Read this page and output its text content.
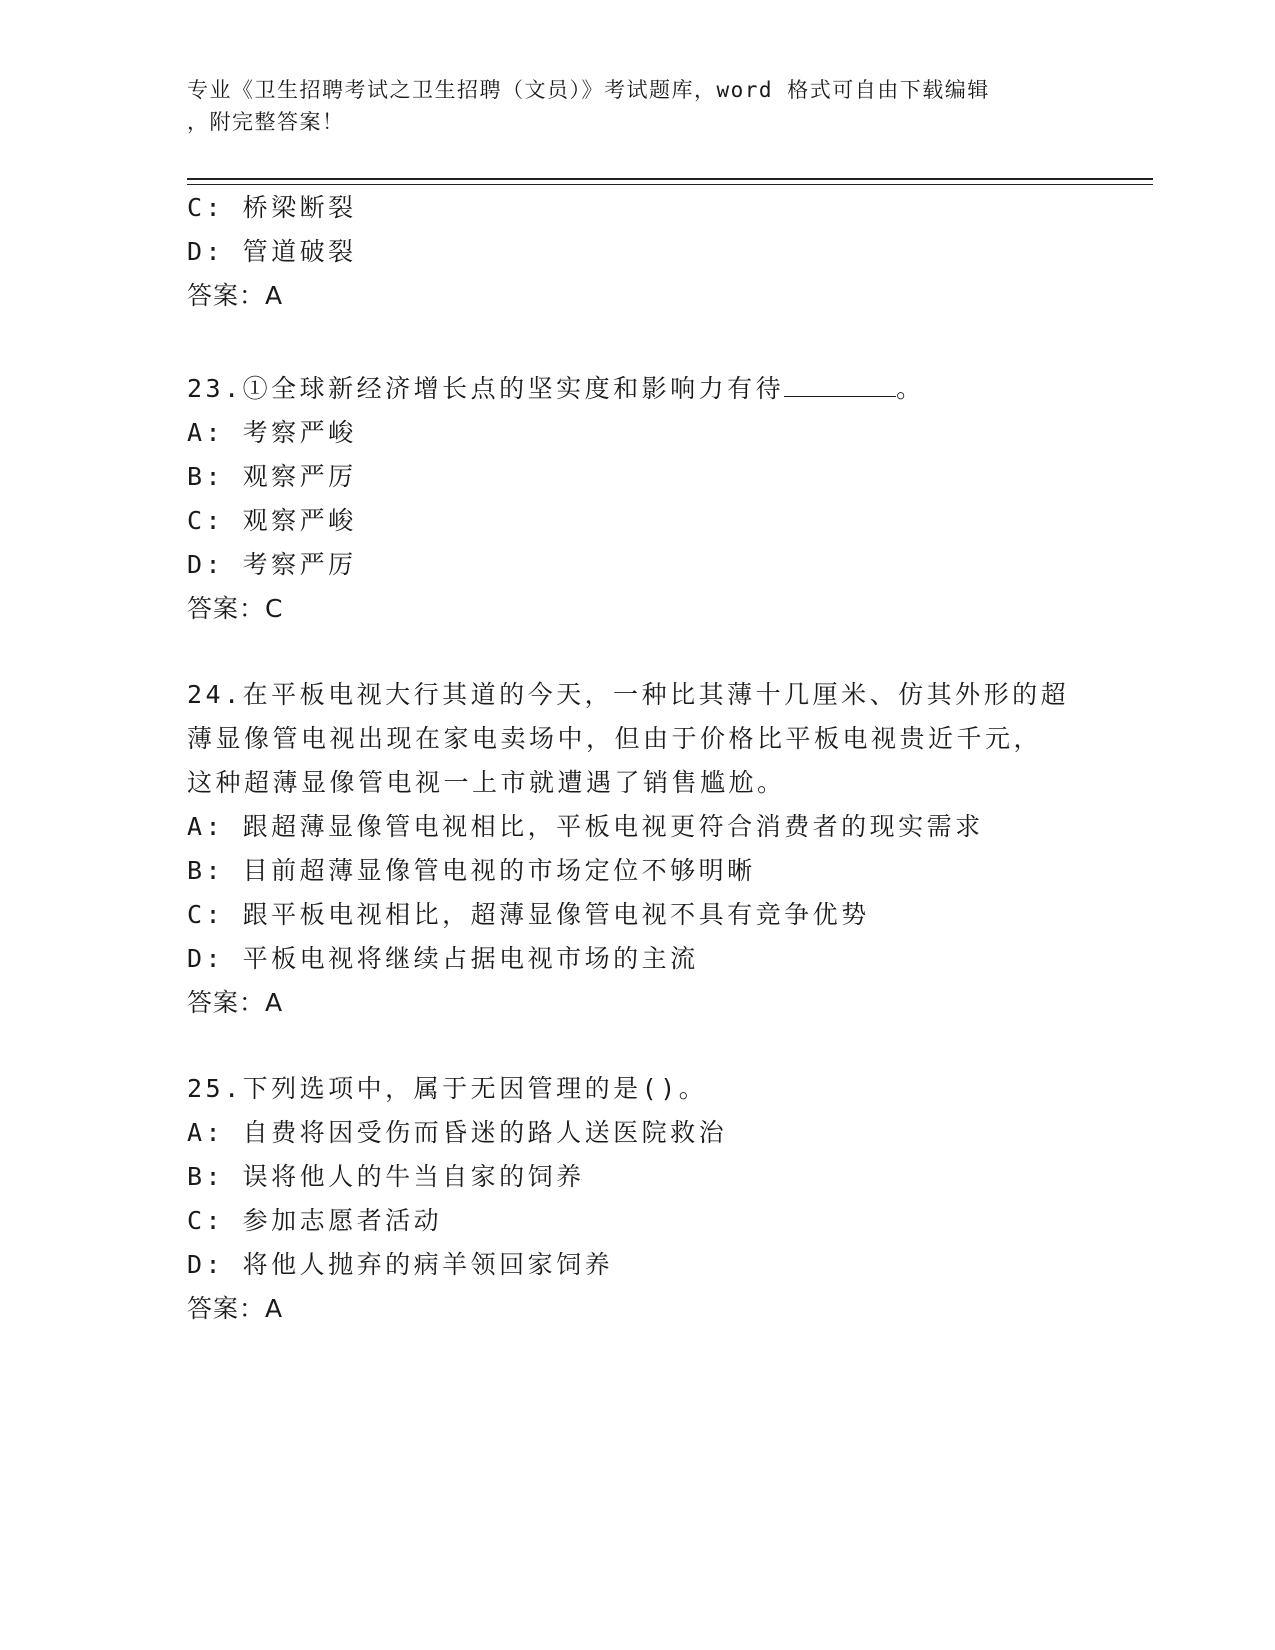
专业《卫生招聘考试之卫生招聘（文员）》考试题库，word 格式可自由下载编辑
，附完整答案！
C: 桥梁断裂
D: 管道破裂
答案：A
23.①全球新经济增长点的坚实度和影响力有待	。
A: 考察严峻
B: 观察严厉
C: 观察严峻
D: 考察严厉
答案：C
24.在平板电视大行其道的今天，一种比其薄十几厘米、仿其外形的超
薄显像管电视出现在家电卖场中，但由于价格比平板电视贵近千元，
这种超薄显像管电视一上市就遭遇了销售尴尬。
A: 跟超薄显像管电视相比，平板电视更符合消费者的现实需求
B: 目前超薄显像管电视的市场定位不够明晰
C: 跟平板电视相比，超薄显像管电视不具有竞争优势
D: 平板电视将继续占据电视市场的主流
答案：A
25.下列选项中，属于无因管理的是()。
A: 自费将因受伤而昏迷的路人送医院救治
B: 误将他人的牛当自家的饲养
C: 参加志愿者活动
D: 将他人抛弃的病羊领回家饲养
答案：A
